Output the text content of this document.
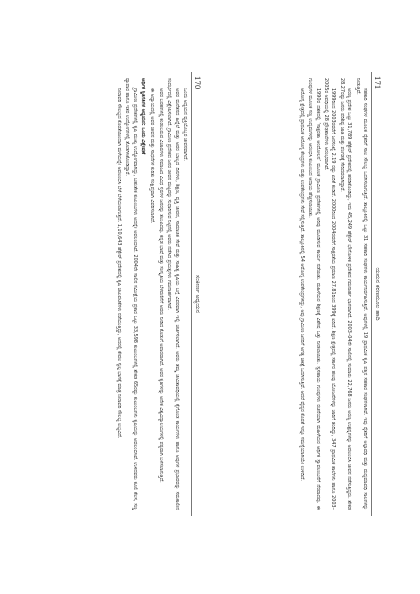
ಸಂಕೀರ್ಣ ಅಧ್ಯಯನ
170

ಒಂದು ಅಧ್ಯಯನ ವ್ಯಕ್ತಿಯೊಬ್ಬರ ಜೀವನವಾಗಿದೆ.

ಅವರ ಮನೆತನದ ಹಿನ್ನೆಲೆ ಮತ್ತು ಅವರ ಬಾಲ್ಯದ ದಿನಗಳು, ಶಿಕ್ಷಣ, ವೃತ್ತಿ ಜೀವನ, ಸಾಮಾಜಿಕ ಸೇವೆ ಮತ್ತು ಸಾಹಿತ್ಯ ಕೃಷಿಯ ಬಗ್ಗೆ ವಿವರವಾಗಿ ಇಲ್ಲಿ ಚರ್ಚಿಸಲಾಗಿದೆ. ಅವರು ತಮ್ಮ ಜೀವಿತಾವಧಿಯಲ್ಲಿ ಕೈಗೊಂಡ ಕಾರ್ಯಗಳು ಹಾಗೂ ಅವುಗಳ ಪ್ರಭಾವವನ್ನು ಸಮಕಾಲೀನ ಸಂದರ್ಭದಲ್ಲಿ ವಿಶ್ಲೇಷಿಸಲಾಗಿದೆ. ಗ್ರಾಮೀಣ ಪ್ರದೇಶದ ಜನರ ಜೀವನ ಮಟ್ಟವನ್ನು ಸುಧಾರಿಸುವ ನಿಟ್ಟಿನಲ್ಲಿ ಅವರು ನಡೆಸಿದ ಪ್ರಯತ್ನಗಳು ಗಮನಾರ್ಹವಾಗಿವೆ.

ಅವರ ಬರಹಗಳಲ್ಲಿ ಕಂಡುಬರುವ ವಿಚಾರಗಳು ಸಮಾಜದ ವಿವಿಧ ಸ್ತರಗಳ ಜನರನ್ನು ತಲುಪಿದವು. ಕನ್ನಡ ಭಾಷೆ ಮತ್ತು ಸಂಸ್ಕೃತಿಯ ಬೆಳವಣಿಗೆಗೆ ಅವರು ನೀಡಿದ ಕೊಡುಗೆ ಅಪಾರವಾಗಿದೆ. ಅವರ ಕೃತಿಗಳನ್ನು ಅನೇಕ ವಿಶ್ವವಿದ್ಯಾಲಯಗಳಲ್ಲಿ ಪಠ್ಯವಾಗಿ ಬಳಸಲಾಗುತ್ತಿದೆ.

ಈ ಅಧ್ಯಾಯದಲ್ಲಿ ಅವರ ಜೀವನ ಮತ್ತು ಸಾಧನೆಗಳ ಕುರಿತು ಸಂಕ್ಷಿಪ್ತವಾಗಿ ವಿವರಿಸಲಾಗಿದೆ.

ಆರ್ಥಿಕ ಸ್ಥಿತಿಗತಿಗಳ ಅಧ್ಯಯನ: ಒಂದು ವಿಶ್ಲೇಷಣೆ

ಗ್ರಾಮೀಣ ಪ್ರದೇಶಗಳಲ್ಲಿ ಕೃಷಿ ಮುಖ್ಯ ಉದ್ಯೋಗವಾಗಿದ್ದು, ಬಹುತೇಕ ಕುಟುಂಬಗಳು ಅದನ್ನೇ ಅವಲಂಬಿಸಿವೆ. 2004ನೇ ಸಾಲಿನ ಸಮೀಕ್ಷೆಯ ಪ್ರಕಾರ ಒಟ್ಟು 33,598 ಕುಟುಂಬಗಳಲ್ಲಿ ಶೇಕಡ 65ರಷ್ಟು ಕುಟುಂಬಗಳು ಕೃಷಿಯನ್ನು ಅವಲಂಬಿಸಿವೆ. ಉಳಿದವರು ಕೂಲಿ ಕೆಲಸ, ಸಣ್ಣ ವ್ಯಾಪಾರ ಹಾಗೂ ಇತರ ಉದ್ಯೋಗಗಳಲ್ಲಿ ತೊಡಗಿಸಿಕೊಂಡಿದ್ದಾರೆ.

ನೀರಾವರಿ ಸೌಲಭ್ಯದ ಕೊರತೆಯಿಂದಾಗಿ ಮಳೆಯನ್ನೇ ಅವಲಂಬಿಸಿ ಬೆಳೆ ಬೆಳೆಯಲಾಗುತ್ತದೆ. 1,10,643 ಹೆಕ್ಟೇರ್ ಪ್ರದೇಶದಲ್ಲಿ ಕೃಷಿ ಚಟುವಟಿಕೆಗಳು ನಡೆಯುತ್ತಿದ್ದು, ಅದರಲ್ಲಿ ಕೇವಲ ಸ್ವಲ್ಪ ಭಾಗಕ್ಕೆ ಮಾತ್ರ ನೀರಾವರಿ ಸೌಲಭ್ಯ ಲಭ್ಯವಿದೆ.	ಯಮನ ಕರಣಮೂಲ ಹಾದಿ
171

ಸಹಕಾರಿ ಸಂಘಗಳ ಮೂಲಕ ರೈತರಿಗೆ ಸಾಲ ಸೌಲಭ್ಯ ಒದಗಿಸಲಾಗುತ್ತಿದೆ. ತಾಲ್ಲೂಕಿನಲ್ಲಿ ಒಟ್ಟು 31 ಸಹಕಾರಿ ಸಂಘಗಳು ಕಾರ್ಯನಿರ್ವಹಿಸುತ್ತಿವೆ. ಅವುಗಳಲ್ಲಿ 19 ಪ್ರಾಥಮಿಕ ಕೃಷಿ ಪತ್ತಿನ ಸಹಕಾರ ಸಂಘಗಳಾಗಿವೆ. ಇವು ರೈತರಿಗೆ ಅಲ್ಪಾವಧಿ ಮತ್ತು ಮಧ್ಯಮಾವಧಿ ಸಾಲಗಳನ್ನು ನೀಡುತ್ತಿವೆ.

ಅರಣ್ಯ ಪ್ರದೇಶ ಒಟ್ಟು 31,789 ಹೆಕ್ಟೇರ್ ಪ್ರದೇಶದಲ್ಲಿ ಹರಡಿಕೊಂಡಿದ್ದು, ಇದು 45,249 ಹೆಕ್ಟೇರ್ ಭೌಗೋಳಿಕ ಪ್ರದೇಶದ ಗಮನಾರ್ಹ ಭಾಗವಾಗಿದೆ. 2003–04ನೇ ಸಾಲಿನಲ್ಲಿ ಸುಮಾರು 22,768 ಜನರು ಅರಣ್ಯ ಉತ್ಪನ್ನಗಳನ್ನು ಅವಲಂಬಿಸಿ ಜೀವನ ನಡೆಸುತ್ತಿದ್ದರು. ಶೇಕಡ 28.27ರಷ್ಟು ಜನರು ಪರಿಶಿಷ್ಟ ಜಾತಿ ಮತ್ತು ಪಂಗಡಕ್ಕೆ ಸೇರಿದವರಾಗಿದ್ದಾರೆ.

1999ರಿಂದ 2003ರವರೆಗೆ ಜನಸಂಖ್ಯೆ 2.19 ರಷ್ಟು ಏರಿಕೆ ಕಂಡಿದೆ. 2000ರಿಂದ 2004ರವರೆಗೆ ಸಾಕ್ಷರತೆಯ ಪ್ರಮಾಣ 27.81ರಿಂದ 399ಕ್ಕೆ ಏರಿದೆ. ಶಿಕ್ಷಣ ಕ್ಷೇತ್ರದಲ್ಲಿ ಸರ್ಕಾರ ಹಲವು ಯೋಜನೆಗಳನ್ನು ಜಾರಿಗೆ ತಂದಿದ್ದು, 347 ಪ್ರಾಥಮಿಕ ಶಾಲೆಗಳು ಹಾಗೂ 2003–2005ರ ಅವಧಿಯಲ್ಲಿ 28 ಪ್ರೌಢಶಾಲೆಗಳು ಆರಂಭವಾಗಿವೆ.

1990ರ ದಶಕದಲ್ಲಿ ‘ಸಾಕ್ಷರತಾ ಆಂದೋಲನ’ ಮೂಲಕ ಗ್ರಾಮೀಣ ಪ್ರದೇಶಗಳಲ್ಲಿ ಅರಿವು ಮೂಡಿಸುವ ಕಾರ್ಯ ನಡೆಯಿತು. ಮಹಿಳೆಯರ ಶಿಕ್ಷಣಕ್ಕೆ ವಿಶೇಷ ಒತ್ತು ನೀಡಲಾಯಿತು. ಸ್ವಸಹಾಯ ಗುಂಪುಗಳು ರಚನೆಯಾಗಿ ಮಹಿಳೆಯರ ಆರ್ಥಿಕ ಸ್ವಾವಲಂಬನೆಗೆ ನೆರವಾದವು. ಈ ಗುಂಪುಗಳ ಮೂಲಕ ಸಣ್ಣ ಉದ್ಯಮಗಳನ್ನು ಆರಂಭಿಸಿ ಕುಟುಂಬದ ಆದಾಯ ಹೆಚ್ಚಿಸಲಾಯಿತು.

ಆರೋಗ್ಯ ಕ್ಷೇತ್ರದಲ್ಲಿ ಪ್ರಾಥಮಿಕ ಆರೋಗ್ಯ ಕೇಂದ್ರಗಳು ಮತ್ತು ಉಪಕೇಂದ್ರಗಳು ಸೇವೆ ಸಲ್ಲಿಸುತ್ತಿವೆ. ತಾಲ್ಲೂಕಿನಲ್ಲಿ 54 ಆರೋಗ್ಯ ಉಪಕೇಂದ್ರಗಳಿದ್ದು, ಅವು ಗ್ರಾಮೀಣ ಜನರಿಗೆ ಅಗತ್ಯ ಚಿಕಿತ್ಸೆ ಒದಗಿಸುತ್ತಿವೆ. ಆದರೆ ವೈದ್ಯರ ಕೊರತೆ ಇನ್ನೂ ಸಮಸ್ಯೆಯಾಗಿಯೇ ಉಳಿದಿದೆ.
